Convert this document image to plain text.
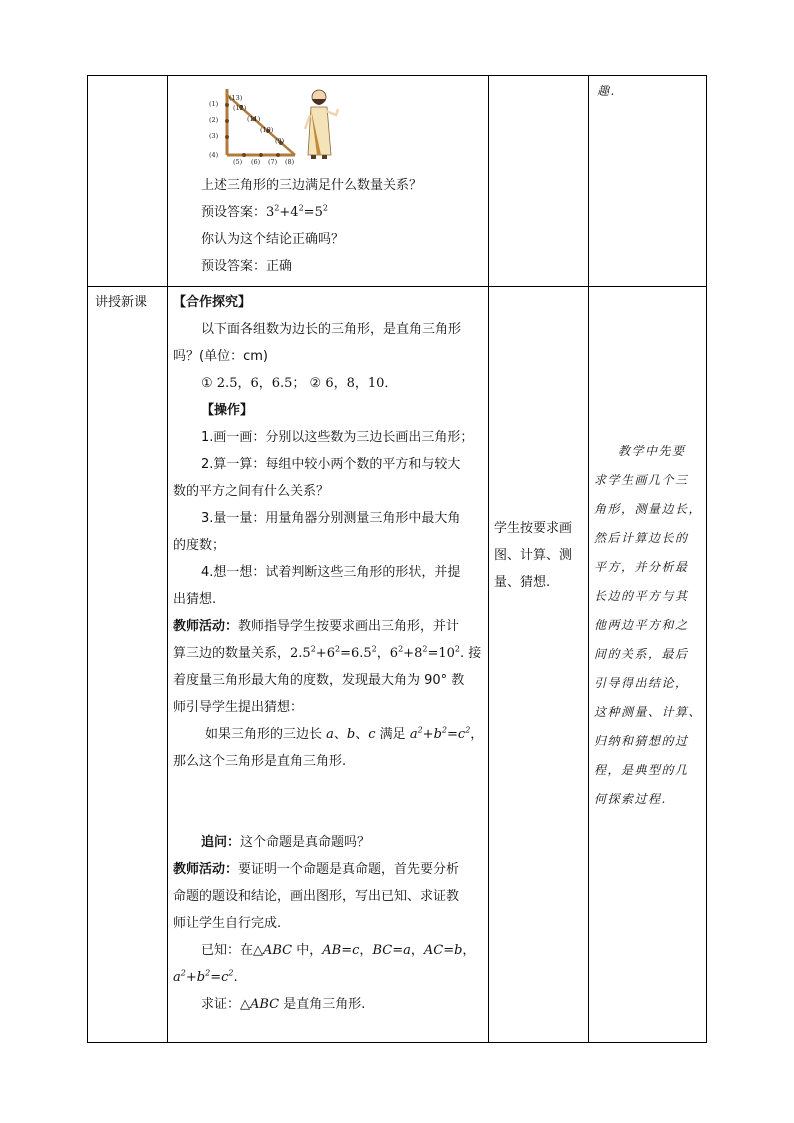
(1)
(2)
(3)
(4)
(13)
(12)
(11)
(10)
(9)
(5) (6) (7) (8)

上述三角形的三边满足什么数量关系？

预设答案：$3^2+4^2=5^2$

你认为这个结论正确吗？

预设答案：正确

趣.

讲授新课 【合作探究】

以下面各组数为边长的三角形，是直角三角形

吗？(单位：cm)

① 2.5，6，6.5； ② 6，8，10．

【操作】

1.画一画：分别以这些数为三边长画出三角形；

2.算一算：每组中较小两个数的平方和与较大

数的平方之间有什么关系？

3.量一量：用量角器分别测量三角形中最大角

的度数；

4.想一想：试着判断这些三角形的形状，并提

出猜想.

教师活动：教师指导学生按要求画出三角形，并计

算三边的数量关系，$2.5^2+6^2=6.5^2$，$6^2+8^2=10^2$. 接

着度量三角形最大角的度数，发现最大角为 90° 教

师引导学生提出猜想：

如果三角形的三边长 a、b、c 满足 $a^2+b^2=c^2$，

那么这个三角形是直角三角形.

追问：这个命题是真命题吗？

教师活动：要证明一个命题是真命题，首先要分析

命题的题设和结论，画出图形，写出已知、求证教

师让学生自行完成.

已知：在△ABC 中，AB=c，BC=a，AC=b，

$a^2+b^2=c^2$.

求证：△ABC 是直角三角形.

学生按要求画

图、计算、测

量、猜想.

教学中先要

求学生画几个三

角形，测量边长，

然后计算边长的

平方，并分析最

长边的平方与其

他两边平方和之

间的关系，最后

引导得出结论，

这种测量、计算、

归纳和猜想的过

程，是典型的几

何探索过程.
